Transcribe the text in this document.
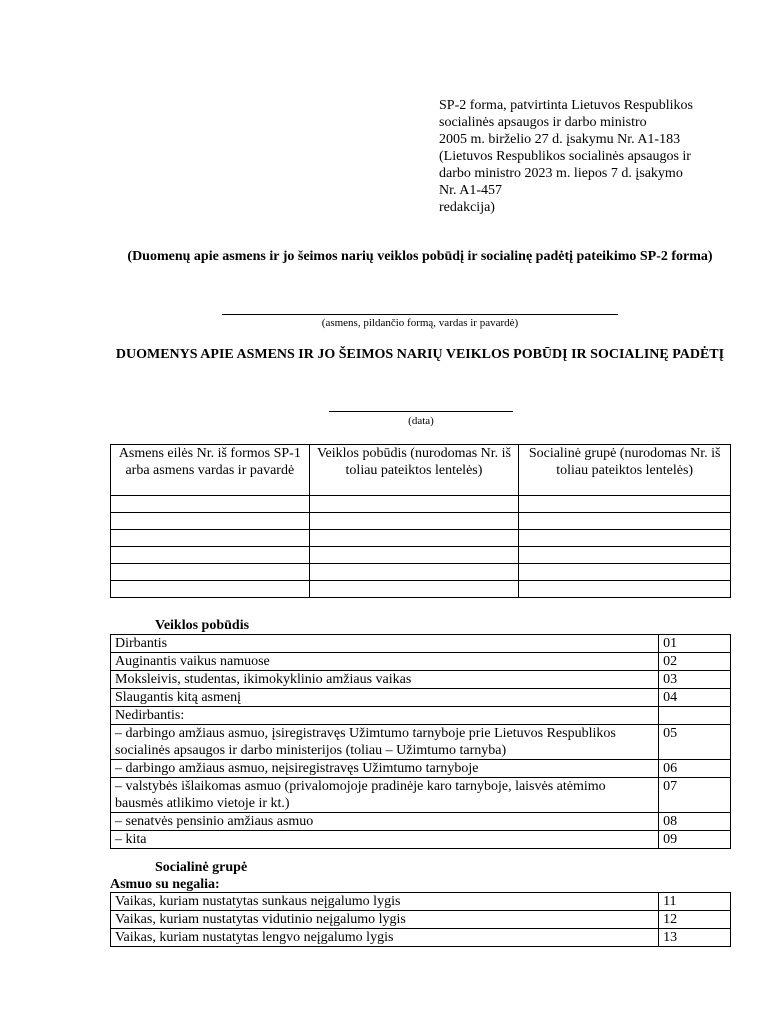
SP-2 forma, patvirtinta Lietuvos Respublikos
socialinės apsaugos ir darbo ministro
2005 m. birželio 27 d. įsakymu Nr. A1-183
(Lietuvos Respublikos socialinės apsaugos ir
darbo ministro 2023 m. liepos 7 d. įsakymo
Nr. A1-457
redakcija)
(Duomenų apie asmens ir jo šeimos narių veiklos pobūdį ir socialinę padėtį pateikimo SP-2 forma)
(asmens, pildančio formą, vardas ir pavardė)
DUOMENYS APIE ASMENS IR JO ŠEIMOS NARIŲ VEIKLOS POBŪDĮ IR SOCIALINĘ PADĖTĮ
(data)
Asmens eilės Nr. iš formos SP-1 arba asmens vardas ir pavardė	Veiklos pobūdis (nurodomas Nr. iš toliau pateiktos lentelės)	Socialinė grupė (nurodomas Nr. iš toliau pateiktos lentelės)

Veiklos pobūdis
Dirbantis	01
Auginantis vaikus namuose	02
Moksleivis, studentas, ikimokyklinio amžiaus vaikas	03
Slaugantis kitą asmenį	04
Nedirbantis:	
– darbingo amžiaus asmuo, įsiregistravęs Užimtumo tarnyboje prie Lietuvos Respublikos socialinės apsaugos ir darbo ministerijos (toliau – Užimtumo tarnyba)	05
– darbingo amžiaus asmuo, neįsiregistravęs Užimtumo tarnyboje	06
– valstybės išlaikomas asmuo (privalomojoje pradinėje karo tarnyboje, laisvės atėmimo bausmės atlikimo vietoje ir kt.)	07
– senatvės pensinio amžiaus asmuo	08
– kita	09
Socialinė grupė
Asmuo su negalia:
Vaikas, kuriam nustatytas sunkaus neįgalumo lygis	11
Vaikas, kuriam nustatytas vidutinio neįgalumo lygis	12
Vaikas, kuriam nustatytas lengvo neįgalumo lygis	13
